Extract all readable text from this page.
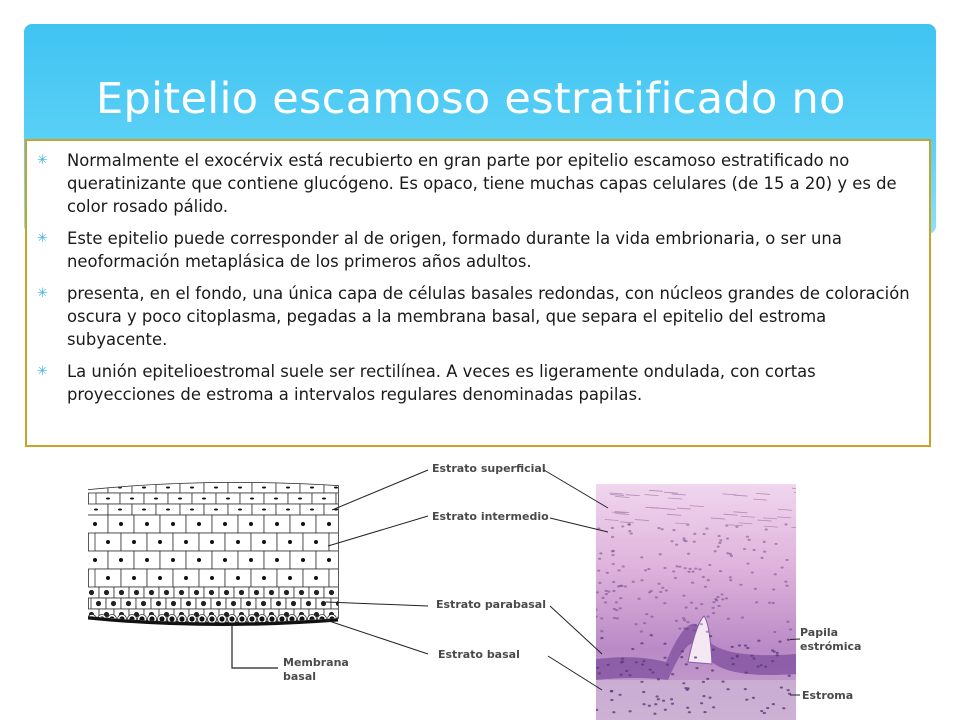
Epitelio escamoso estratificado no
✳ Normalmente el exocérvix está recubierto en gran parte por epitelio escamoso estratificado no queratinizante que contiene glucógeno. Es opaco, tiene muchas capas celulares (de 15 a 20) y es de color rosado pálido.
✳ Este epitelio puede corresponder al de origen, formado durante la vida embrionaria, o ser una neoformación metaplásica de los primeros años adultos.
✳ presenta, en el fondo, una única capa de células basales redondas, con núcleos grandes de coloración oscura y poco citoplasma, pegadas a la membrana basal, que separa el epitelio del estroma subyacente.
✳ La unión epitelioestromal suele ser rectilínea. A veces es ligeramente ondulada, con cortas proyecciones de estroma a intervalos regulares denominadas papilas.
Estrato superficial
Estrato intermedio
Estrato parabasal
Estrato basal
Membrana
basal
Papila
estrómica
Estroma
